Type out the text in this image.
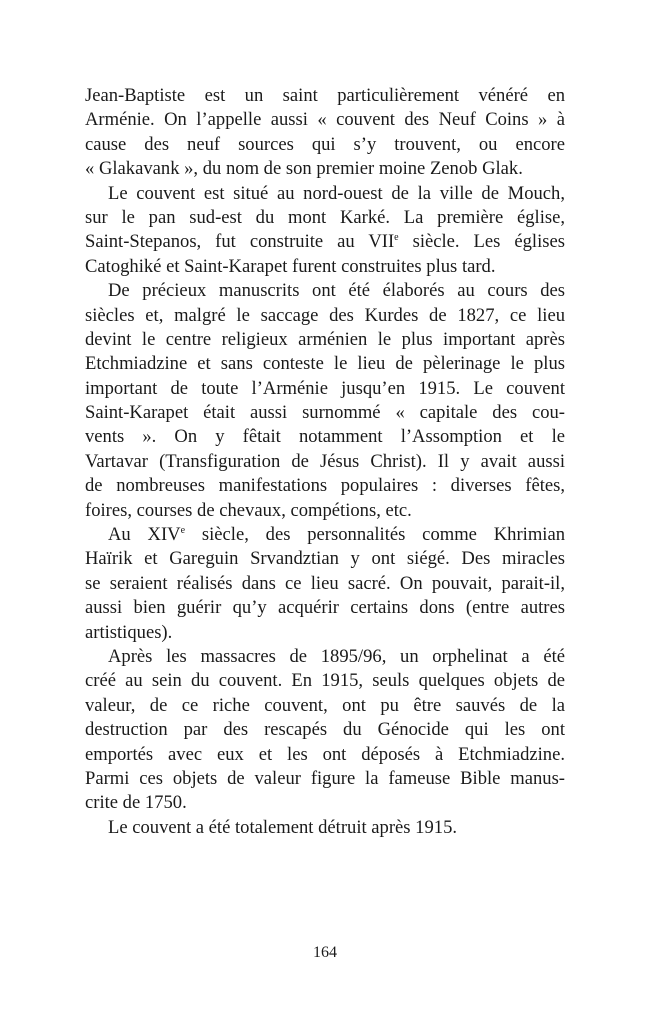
Jean-Baptiste est un saint particulièrement vénéré en
Arménie. On l’appelle aussi « couvent des Neuf Coins » à
cause des neuf sources qui s’y trouvent, ou encore
« Glakavank », du nom de son premier moine Zenob Glak.
Le couvent est situé au nord-ouest de la ville de Mouch,
sur le pan sud-est du mont Karké. La première église,
Saint-Stepanos, fut construite au VIIe siècle. Les églises
Catoghiké et Saint-Karapet furent construites plus tard.
De précieux manuscrits ont été élaborés au cours des
siècles et, malgré le saccage des Kurdes de 1827, ce lieu
devint le centre religieux arménien le plus important après
Etchmiadzine et sans conteste le lieu de pèlerinage le plus
important de toute l’Arménie jusqu’en 1915. Le couvent
Saint-Karapet était aussi surnommé « capitale des cou-
vents ». On y fêtait notamment l’Assomption et le
Vartavar (Transfiguration de Jésus Christ). Il y avait aussi
de nombreuses manifestations populaires : diverses fêtes,
foires, courses de chevaux, compétions, etc.
Au XIVe siècle, des personnalités comme Khrimian
Haïrik et Gareguin Srvandztian y ont siégé. Des miracles
se seraient réalisés dans ce lieu sacré. On pouvait, parait-il,
aussi bien guérir qu’y acquérir certains dons (entre autres
artistiques).
Après les massacres de 1895/96, un orphelinat a été
créé au sein du couvent. En 1915, seuls quelques objets de
valeur, de ce riche couvent, ont pu être sauvés de la
destruction par des rescapés du Génocide qui les ont
emportés avec eux et les ont déposés à Etchmiadzine.
Parmi ces objets de valeur figure la fameuse Bible manus-
crite de 1750.
Le couvent a été totalement détruit après 1915.
164
